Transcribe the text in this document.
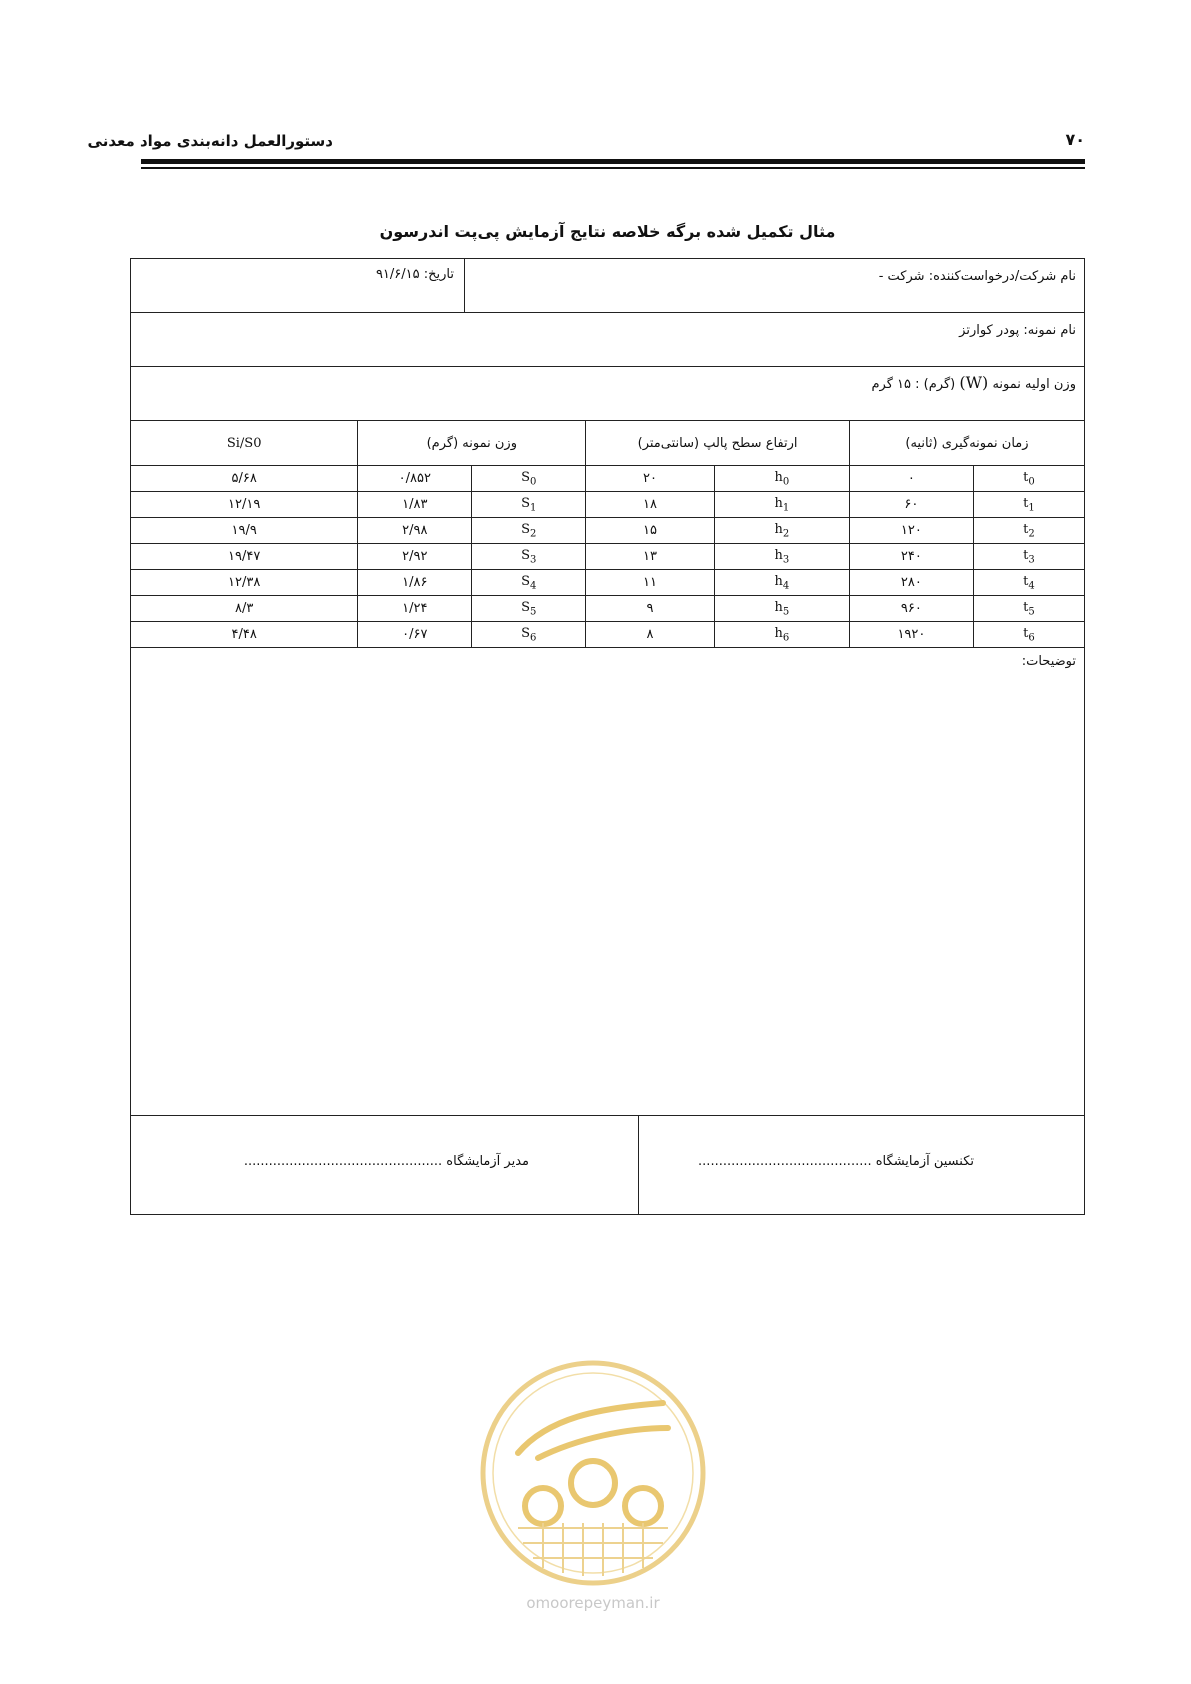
۷۰
دستورالعمل دانه‌بندی مواد معدنی
مثال تکمیل شده برگه خلاصه نتایج آزمایش پی‌پت اندرسون
نام شرکت/درخواست‌کننده: شرکت -
تاریخ: ۹۱/۶/۱۵
نام نمونه: پودر کوارتز
وزن اولیه نمونه (W) (گرم) : ۱۵ گرم
زمان نمونه‌گیری (ثانیه)		ارتفاع سطح پالپ (سانتی‌متر)		وزن نمونه (گرم)		Si/S0
$t_0$	۰	$h_0$	۲۰	$S_0$	۰/۸۵۲	۵/۶۸
$t_1$	۶۰	$h_1$	۱۸	$S_1$	۱/۸۳	۱۲/۱۹
$t_2$	۱۲۰	$h_2$	۱۵	$S_2$	۲/۹۸	۱۹/۹
$t_3$	۲۴۰	$h_3$	۱۳	$S_3$	۲/۹۲	۱۹/۴۷
$t_4$	۲۸۰	$h_4$	۱۱	$S_4$	۱/۸۶	۱۲/۳۸
$t_5$	۹۶۰	$h_5$	۹	$S_5$	۱/۲۴	۸/۳
$t_6$	۱۹۲۰	$h_6$	۸	$S_6$	۰/۶۷	۴/۴۸
توضیحات:
تکنسین آزمایشگاه ..........................................
مدیر آزمایشگاه ................................................
omoorepeyman.ir
